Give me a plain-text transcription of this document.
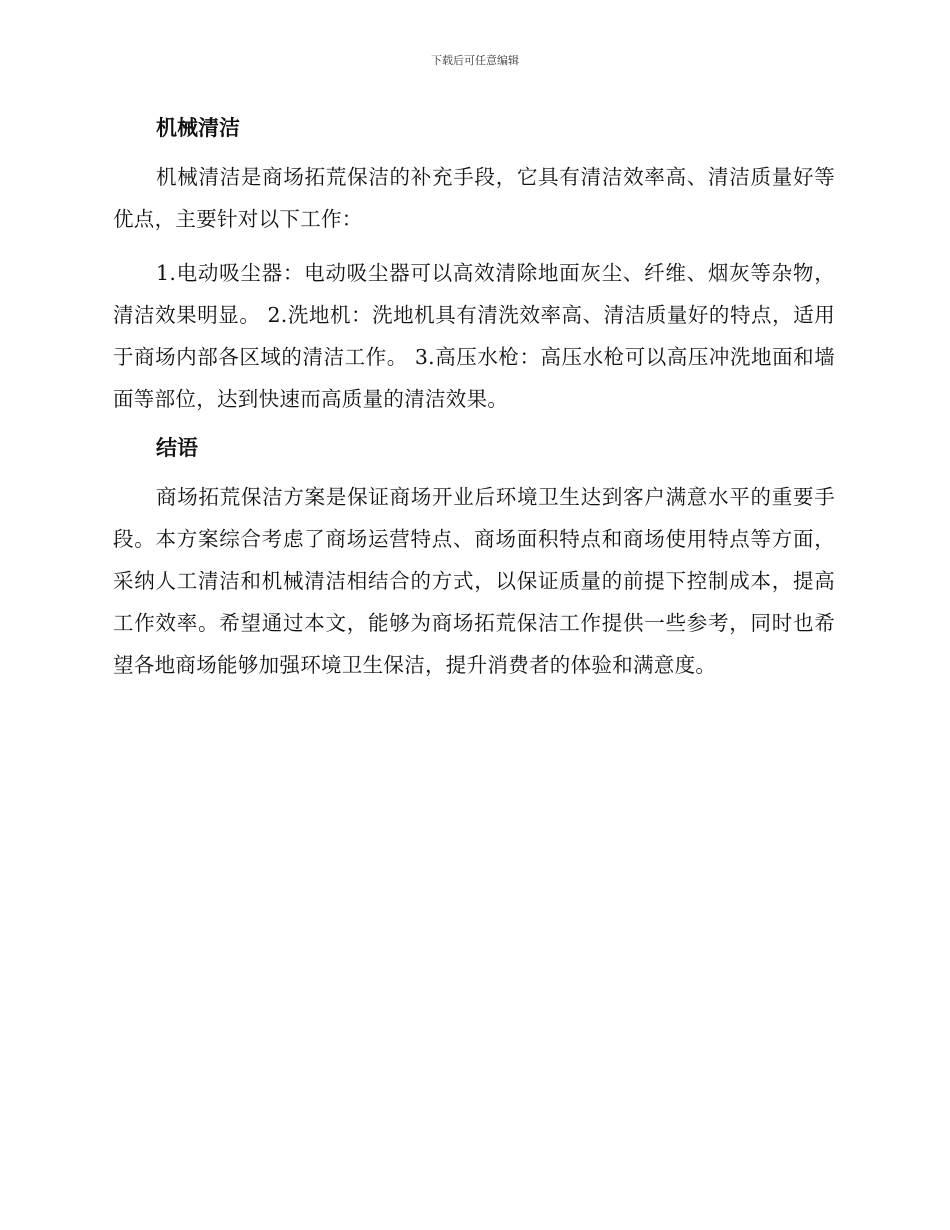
下载后可任意编辑
机械清洁

机械清洁是商场拓荒保洁的补充手段，它具有清洁效率高、清洁质量好等优点，主要针对以下工作：

1.电动吸尘器：电动吸尘器可以高效清除地面灰尘、纤维、烟灰等杂物，清洁效果明显。 2.洗地机：洗地机具有清洗效率高、清洁质量好的特点，适用于商场内部各区域的清洁工作。 3.高压水枪：高压水枪可以高压冲洗地面和墙面等部位，达到快速而高质量的清洁效果。

结语

商场拓荒保洁方案是保证商场开业后环境卫生达到客户满意水平的重要手段。本方案综合考虑了商场运营特点、商场面积特点和商场使用特点等方面，采纳人工清洁和机械清洁相结合的方式，以保证质量的前提下控制成本，提高工作效率。希望通过本文，能够为商场拓荒保洁工作提供一些参考，同时也希望各地商场能够加强环境卫生保洁，提升消费者的体验和满意度。
